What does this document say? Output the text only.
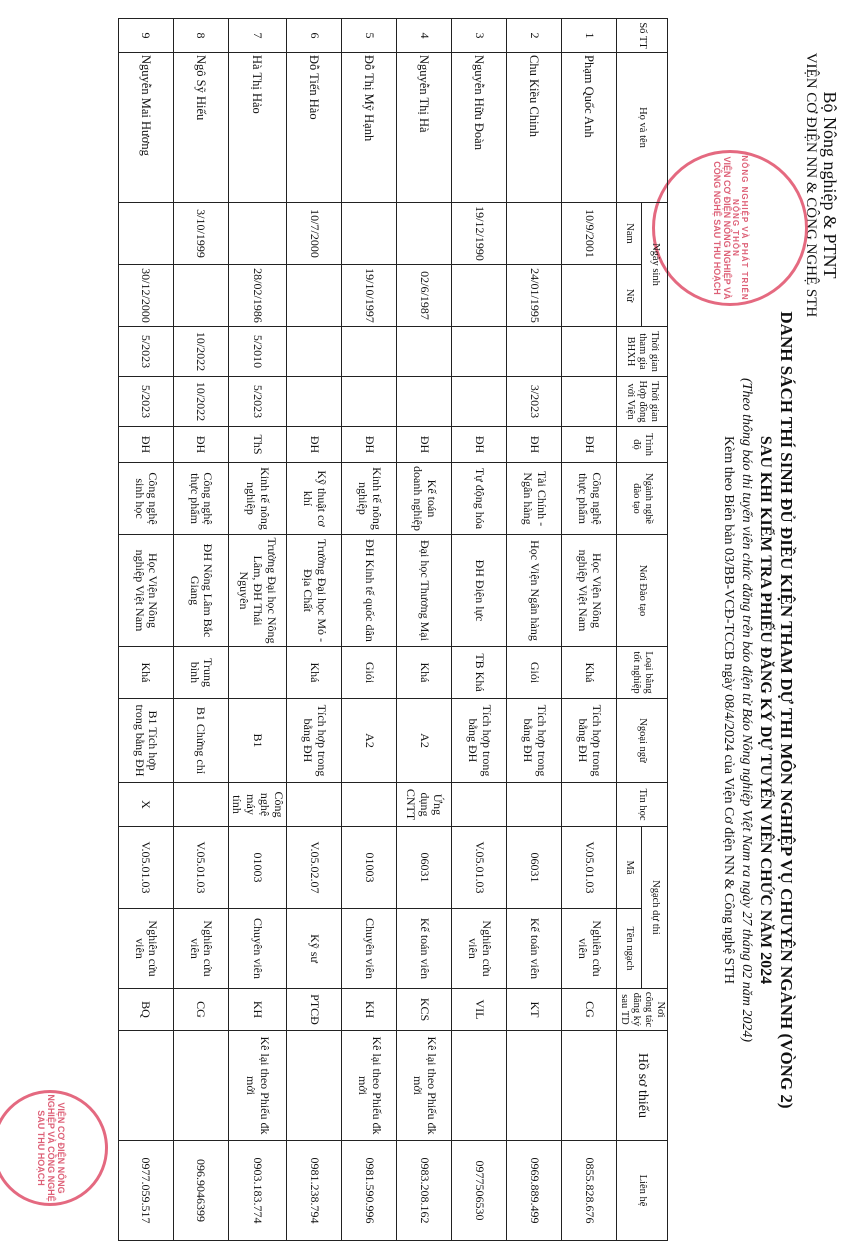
Bộ Nông nghiệp & PTNT
VIỆN CƠ ĐIỆN NN & CÔNG NGHỆ STH
DANH SÁCH THÍ SINH ĐỦ ĐIỀU KIỆN THAM DỰ THI MÔN NGHIỆP VỤ CHUYÊN NGÀNH (VÒNG 2)
SAU KHI KIỂM TRA PHIẾU ĐĂNG KÝ DỰ TUYỂN VIÊN CHỨC NĂM 2024
(Theo thông báo thi tuyển viên chức đăng trên báo điện tử Báo Nông nghiệp Việt Nam ra ngày 27 tháng 02 năm 2024)
Kèm theo Biên bản 03/BB-VCĐ-TCCB ngày 08/4/2024 của Viện Cơ điện NN & Công nghệ STH
NÔNG NGHIỆP VÀ PHÁT TRIỂN NÔNG THÔN
VIỆN CƠ ĐIỆN NÔNG NGHIỆP VÀ CÔNG NGHỆ SAU THU HOẠCH
Số TT	Họ và tên	Ngày sinh		Thời gian tham gia BHXH	Thời gian Hợp đồng với Viện	Trình độ	Ngành nghề đào tạo	Nơi Đào tạo	Loại bằng tốt nghiệp	Ngoại ngữ	Tin học	Ngạch dự thi		Nơi công tác đăng ký sau TD	Hồ sơ thiếu	Liên hệ
		Nam	Nữ									Mã	Tên ngạch			
1	Phạm Quốc Anh	10/9/2001				ĐH	Công nghệ thực phẩm	Học Viện Nông nghiệp Việt Nam	Khá	Tích hợp trong bằng ĐH		V.05.01.03	Nghiên cứu viên	CG		0855.828.676
2	Chu Kiều Chinh		24/01/1995		3/2023	ĐH	Tài Chính - Ngân hàng	Học Viện Ngân hàng	Giỏi	Tích hợp trong bằng ĐH		06031	Kế toán viên	KT		0969.889.499
3	Nguyễn Hữu Đoàn	19/12/1990				ĐH	Tự động hóa	ĐH Điện lực	TB Khá	Tích hợp trong bằng ĐH		V.05.01.03	Nghiên cứu viên	VIL		0977506530
4	Nguyễn Thị Hà		02/6/1987			ĐH	Kế toán doanh nghiệp	Đại học Thương Mại	Khá	A2	Ứng dụng CNTT	06031	Kế toán viên	KCS	Kê lại theo Phiếu đk mới	0983.208.162
5	Đỗ Thị Mỹ Hạnh		19/10/1997			ĐH	Kinh tế nông nghiệp	ĐH Kinh tế quốc dân	Giỏi	A2		01003	Chuyên viên	KH	Kê lại theo Phiếu đk mới	0981.590.996
6	Đỗ Tiến Hào	10/7/2000				ĐH	Kỹ thuật cơ khí	Trường Đại học Mỏ - Địa Chất	Khá	Tích hợp trong bằng ĐH		V.05.02.07	Kỹ sư	PTCĐ		0981.238.794
7	Hà Thị Hảo		28/02/1986	5/2010	5/2023	ThS	Kinh tế nông nghiệp	Trường Đại học Nông Lâm, ĐH Thái Nguyên		B1	Công nghệ máy tính	01003	Chuyên viên	KH	Kê lại theo Phiếu đk mới	0903.183.774
8	Ngô Sỹ Hiếu	3/10/1999		10/2022	10/2022	ĐH	Công nghệ thực phẩm	ĐH Nông Lâm Bắc Giang	Trung bình	B1 Chứng chỉ		V.05.01.03	Nghiên cứu viên	CG		096.9046399
9	Nguyễn Mai Hương		30/12/2000	5/2023	5/2023	ĐH	Công nghệ sinh học	Học Viện Nông nghiệp Việt Nam	Khá	B1 Tích hợp trong bằng ĐH	X	V.05.01.03	Nghiên cứu viên	BQ		0977.059.517
VIỆN CƠ ĐIỆN NÔNG NGHIỆP VÀ CÔNG NGHỆ SAU THU HOẠCH
